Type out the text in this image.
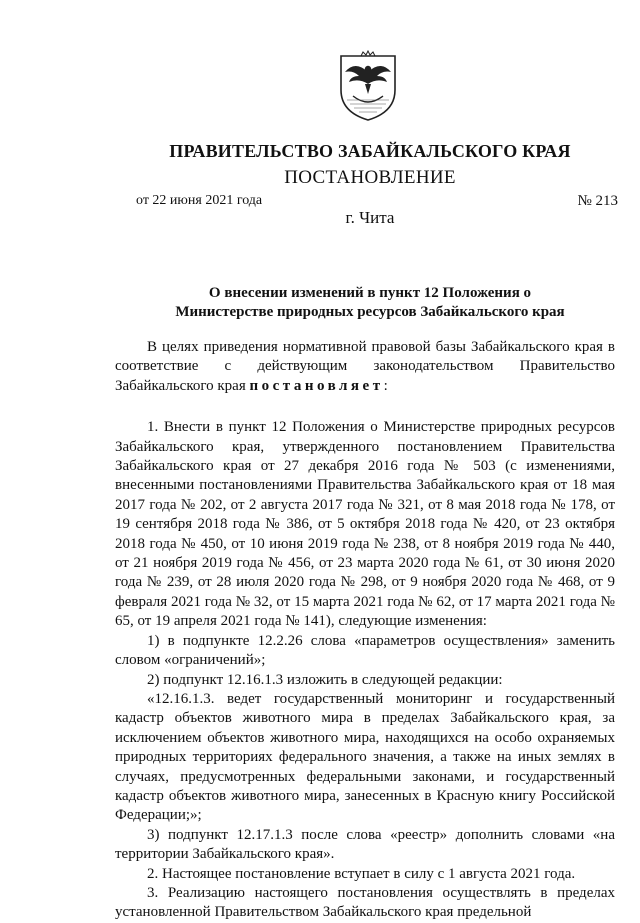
ПРАВИТЕЛЬСТВО ЗАБАЙКАЛЬСКОГО КРАЯ
ПОСТАНОВЛЕНИЕ
от 22 июня 2021 года	№ 213
г. Чита
О внесении изменений в пункт 12 Положения о
Министерстве природных ресурсов Забайкальского края

В целях приведения нормативной правовой базы Забайкальского края в соответствие с действующим законодательством Правительство Забайкальского края постановляет:

1. Внести в пункт 12 Положения о Министерстве природных ресурсов Забайкальского края, утвержденного постановлением Правительства Забайкальского края от 27 декабря 2016 года № 503 (с изменениями, внесенными постановлениями Правительства Забайкальского края от 18 мая 2017 года № 202, от 2 августа 2017 года № 321, от 8 мая 2018 года № 178, от 19 сентября 2018 года № 386, от 5 октября 2018 года № 420, от 23 октября 2018 года № 450, от 10 июня 2019 года № 238, от 8 ноября 2019 года № 440, от 21 ноября 2019 года № 456, от 23 марта 2020 года № 61, от 30 июня 2020 года № 239, от 28 июля 2020 года № 298, от 9 ноября 2020 года № 468, от 9 февраля 2021 года № 32, от 15 марта 2021 года № 62, от 17 марта 2021 года № 65, от 19 апреля 2021 года № 141), следующие изменения:

1) в подпункте 12.2.26 слова «параметров осуществления» заменить словом «ограничений»;

2) подпункт 12.16.1.3 изложить в следующей редакции:

«12.16.1.3. ведет государственный мониторинг и государственный кадастр объектов животного мира в пределах Забайкальского края, за исключением объектов животного мира, находящихся на особо охраняемых природных территориях федерального значения, а также на иных землях в случаях, предусмотренных федеральными законами, и государственный кадастр объектов животного мира, занесенных в Красную книгу Российской Федерации;»;

3) подпункт 12.17.1.3 после слова «реестр» дополнить словами «на территории Забайкальского края».

2. Настоящее постановление вступает в силу с 1 августа 2021 года.

3. Реализацию настоящего постановления осуществлять в пределах установленной Правительством Забайкальского края предельной
